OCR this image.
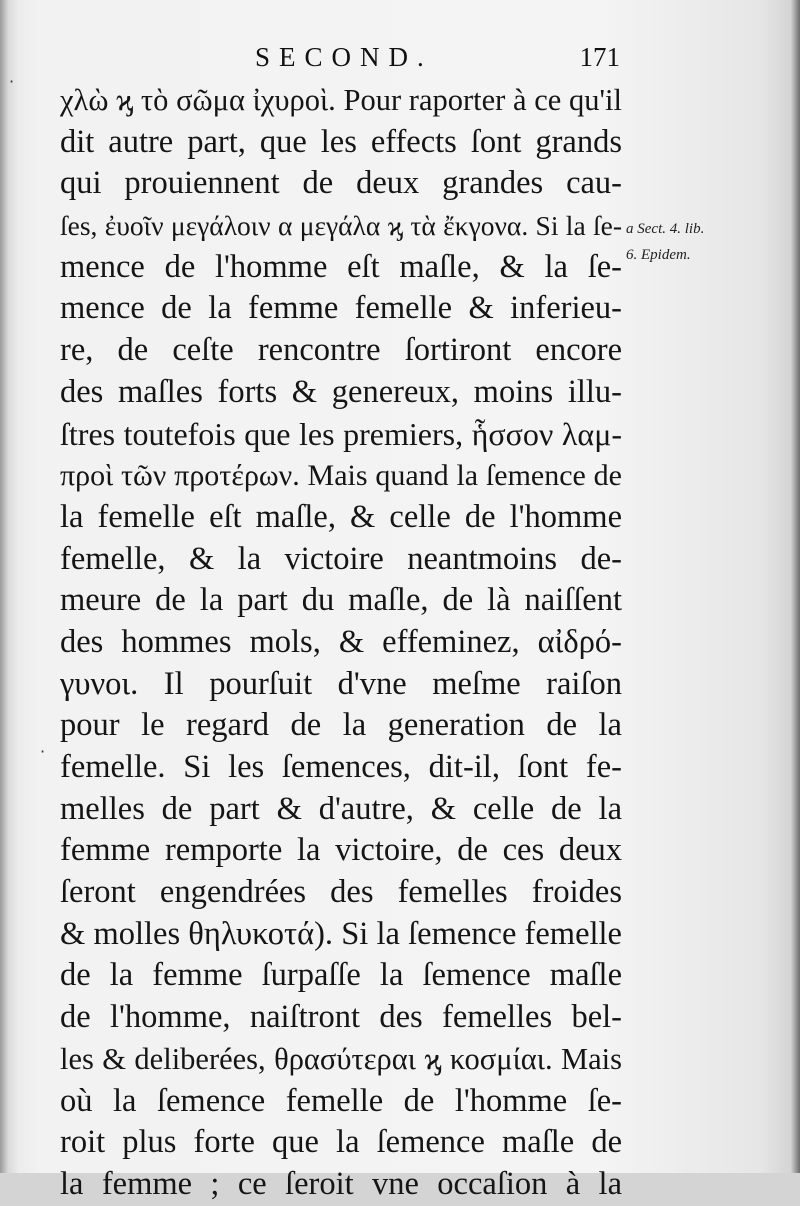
SECOND.	171
χλὼ ϗ τὸ σῶμα ἰχυροὶ. Pour raporter à ce qu'il
dit autre part, que les effects ſont grands
qui prouiennent de deux grandes cau-
ſes, ἐυοῖν μεγάλοιν α μεγάλα ϗ τὰ ἔκγονα. Si la ſe-
mence de l'homme eſt maſle, & la ſe-
mence de la femme femelle & inferieu-
re, de ceſte rencontre ſortiront encore
des maſles forts & genereux, moins illu-
ſtres toutefois que les premiers, ἧσσον λαμ-
προὶ τῶν προτέρων. Mais quand la ſemence de
la femelle eſt maſle, & celle de l'homme
femelle, & la victoire neantmoins de-
meure de la part du maſle, de là naiſſent
des hommes mols, & effeminez, αἰδρό-
γυνοι. Il pourſuit d'vne meſme raiſon
pour le regard de la generation de la
femelle. Si les ſemences, dit-il, ſont fe-
melles de part & d'autre, & celle de la
femme remporte la victoire, de ces deux
ſeront engendrées des femelles froides
& molles θηλυκοτά). Si la ſemence femelle
de la femme ſurpaſſe la ſemence maſle
de l'homme, naiſtront des femelles bel-
les & deliberées, θρασύτεραι ϗ κοσμίαι. Mais
où la ſemence femelle de l'homme ſe-
roit plus forte que la ſemence maſle de
la femme ; ce ſeroit vne occaſion à la
a Sect. 4. lib.
6. Epidem.
·
·
